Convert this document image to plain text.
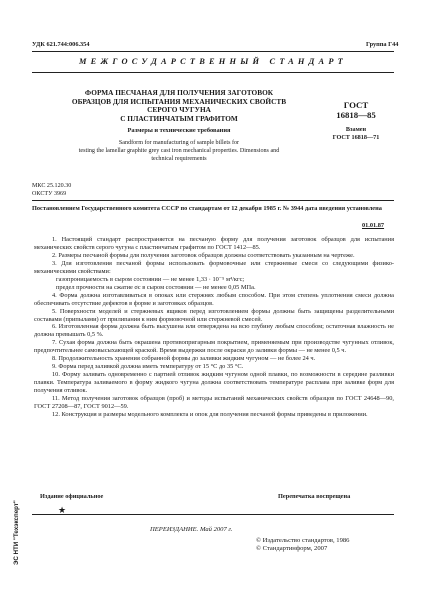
УДК 621.744:006.354	Группа Г44
МЕЖГОСУДАРСТВЕННЫЙ СТАНДАРТ
ФОРМА ПЕСЧАНАЯ ДЛЯ ПОЛУЧЕНИЯ ЗАГОТОВОК
ОБРАЗЦОВ ДЛЯ ИСПЫТАНИЯ МЕХАНИЧЕСКИХ СВОЙСТВ
СЕРОГО ЧУГУНА
С ПЛАСТИНЧАТЫМ ГРАФИТОМ
ГОСТ
16818—85
Размеры и технические требования	Взамен
ГОСТ 16818—71
Sandform for manufacturing of sample billets for
testing the lamellar graphite grey cast iron mechanical properties. Dimensions and
technical requirements
МКС 25.120.30
ОКСТУ 3969
Постановлением Государственного комитета СССР по стандартам от 12 декабря 1985 г. № 3944 дата введения установлена
01.01.87

1. Настоящий стандарт распространяется на песчаную форму для получения заготовок образцов для испытания механических свойств серого чугуна с пластинчатым графитом по ГОСТ 1412—85.

2. Размеры песчаной формы для получения заготовок образцов должны соответствовать указанным на чертеже.

3. Для изготовления песчаной формы использовать формовочные или стержневые смеси со следующими физико-механическими свойствами:

газопроницаемость в сыром состоянии — не менее 1,33 · 10⁻⁵ м⁴/кгс;

предел прочности на сжатие σc в сыром состоянии — не менее 0,05 МПа.

4. Форма должна изготавливаться в опоках или стержнях любым способом. При этом степень уплотнения смеси должна обеспечивать отсутствие дефектов в форме и заготовках образцов.

5. Поверхности моделей и стержневых ящиков перед изготовлением формы должны быть защищены разделительными составами (припылами) от прилипания к ним формовочной или стержневой смесей.

6. Изготовленная форма должна быть высушена или отверждена на всю глубину любым способом; остаточная влажность не должна превышать 0,5 %.

7. Сухая форма должна быть окрашена противопригарным покрытием, применяемым при производстве чугунных отливок, предпочтительнее самовысыхающей краской. Время выдержки после окраски до заливки формы — не менее 0,5 ч.

8. Продолжительность хранения собранной формы до заливки жидким чугуном — не более 24 ч.

9. Форма перед заливкой должна иметь температуру от 15 °С до 35 °С.

10. Форму заливать одновременно с партией отливок жидким чугуном одной плавки, по возможности в середине разливки плавки. Температура заливаемого в форму жидкого чугуна должна соответствовать температуре расплава при заливке форм для получения отливок.

11. Метод получения заготовок образцов (проб) и методы испытаний механических свойств образцов по ГОСТ 24648—90, ГОСТ 27208—87, ГОСТ 9012—59.

12. Конструкция и размеры модельного комплекта и опок для получения песчаной формы приведены в приложении.

Издание официальное	Перепечатка воспрещена
★
ПЕРЕИЗДАНИЕ. Май 2007 г.
© Издательство стандартов, 1986
© Стандартинформ, 2007
ЭС НТИ "Техэксперт"
